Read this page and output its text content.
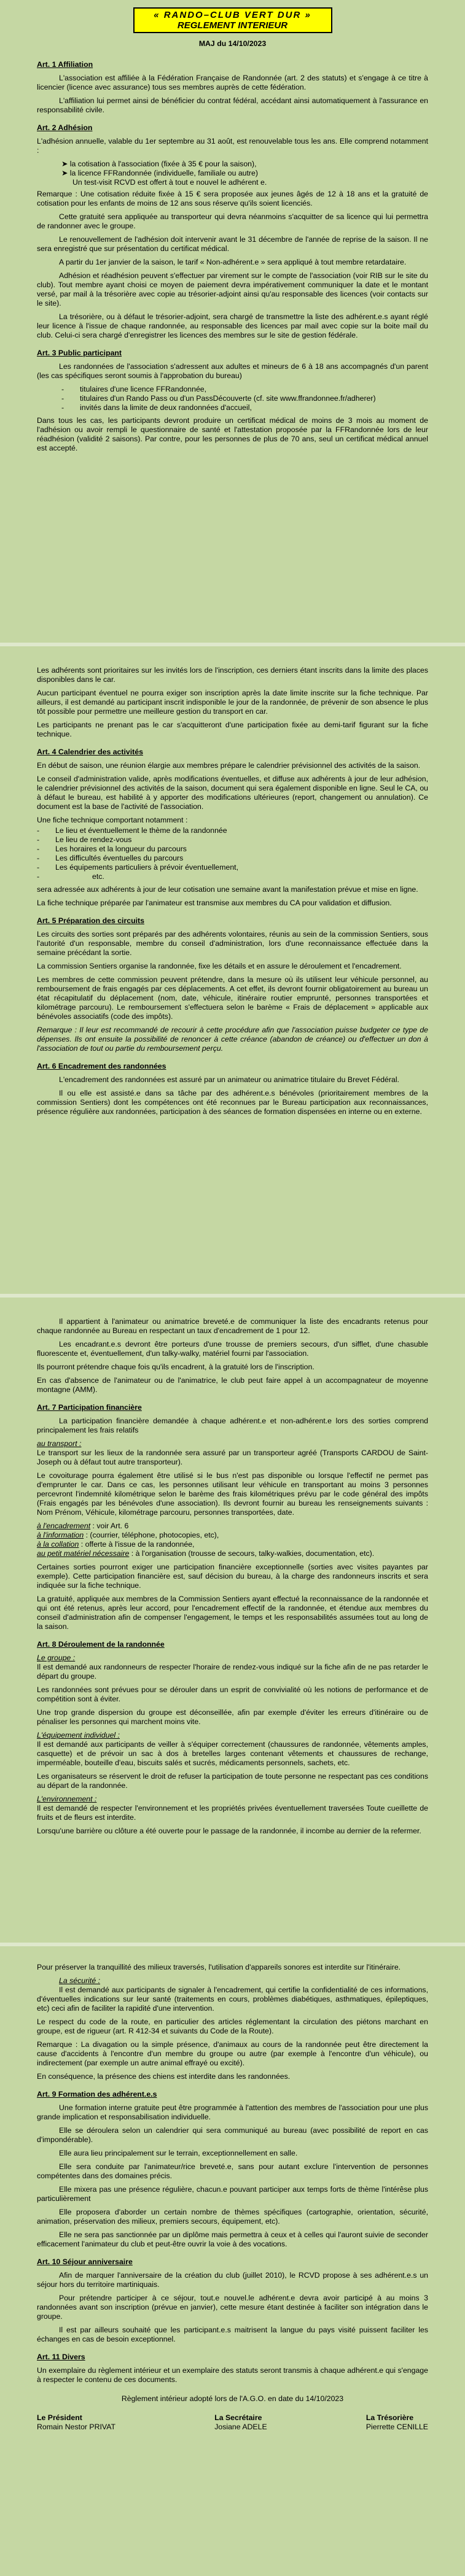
« RANDO–CLUB VERT DUR »
REGLEMENT INTERIEUR
MAJ du 14/10/2023
Art. 1 Affiliation

L'association est affiliée à la Fédération Française de Randonnée (art. 2 des statuts) et s'engage à ce titre à licencier (licence avec assurance) tous ses membres auprès de cette fédération.

L'affiliation lui permet ainsi de bénéficier du contrat fédéral, accédant ainsi automatiquement à l'assurance en responsabilité civile.

Art. 2 Adhésion

L'adhésion annuelle, valable du 1er septembre au 31 août, est renouvelable tous les ans. Elle comprend notamment :

➤ la cotisation à l'association (fixée à 35 € pour la saison),
➤ la licence FFRandonnée (individuelle, familiale ou autre)
Un test-visit RCVD est offert à tout e nouvel le adhérent e.

Remarque : Une cotisation réduite fixée à 15 € sera proposée aux jeunes âgés de 12 à 18 ans et la gratuité de cotisation pour les enfants de moins de 12 ans sous réserve qu'ils soient licenciés.

Cette gratuité sera appliquée au transporteur qui devra néanmoins s'acquitter de sa licence qui lui permettra de randonner avec le groupe.

Le renouvellement de l'adhésion doit intervenir avant le 31 décembre de l'année de reprise de la saison. Il ne sera enregistré que sur présentation du certificat médical.

A partir du 1er janvier de la saison, le tarif « Non-adhérent.e » sera appliqué à tout membre retardataire.

Adhésion et réadhésion peuvent s'effectuer par virement sur le compte de l'association (voir RIB sur le site du club). Tout membre ayant choisi ce moyen de paiement devra impérativement communiquer la date et le montant versé, par mail à la trésorière avec copie au trésorier-adjoint ainsi qu'au responsable des licences (voir contacts sur le site).

La trésorière, ou à défaut le trésorier-adjoint, sera chargé de transmettre la liste des adhérent.e.s ayant réglé leur licence à l'issue de chaque randonnée, au responsable des licences par mail avec copie sur la boite mail du club. Celui-ci sera chargé d'enregistrer les licences des membres sur le site de gestion fédérale.

Art. 3 Public participant

Les randonnées de l'association s'adressent aux adultes et mineurs de 6 à 18 ans accompagnés d'un parent (les cas spécifiques seront soumis à l'approbation du bureau)

- titulaires d'une licence FFRandonnée,
- titulaires d'un Rando Pass ou d'un PassDécouverte (cf. site www.ffrandonnee.fr/adherer)
- invités dans la limite de deux randonnées d'accueil,

Dans tous les cas, les participants devront produire un certificat médical de moins de 3 mois au moment de l'adhésion ou avoir rempli le questionnaire de santé et l'attestation proposée par la FFRandonnée lors de leur réadhésion (validité 2 saisons). Par contre, pour les personnes de plus de 70 ans, seul un certificat médical annuel est accepté.

Les adhérents sont prioritaires sur les invités lors de l'inscription, ces derniers étant inscrits dans la limite des places disponibles dans le car.

Aucun participant éventuel ne pourra exiger son inscription après la date limite inscrite sur la fiche technique. Par ailleurs, il est demandé au participant inscrit indisponible le jour de la randonnée, de prévenir de son absence le plus tôt possible pour permettre une meilleure gestion du transport en car.

Les participants ne prenant pas le car s'acquitteront d'une participation fixée au demi-tarif figurant sur la fiche technique.

Art. 4 Calendrier des activités

En début de saison, une réunion élargie aux membres prépare le calendrier prévisionnel des activités de la saison.

Le conseil d'administration valide, après modifications éventuelles, et diffuse aux adhérents à jour de leur adhésion, le calendrier prévisionnel des activités de la saison, document qui sera également disponible en ligne. Seul le CA, ou à défaut le bureau, est habilité à y apporter des modifications ultérieures (report, changement ou annulation). Ce document est la base de l'activité de l'association.

Une fiche technique comportant notamment :

- Le lieu et éventuellement le thème de la randonnée
- Le lieu de rendez-vous
- Les horaires et la longueur du parcours
- Les difficultés éventuelles du parcours
- Les équipements particuliers à prévoir éventuellement,
- etc.

sera adressée aux adhérents à jour de leur cotisation une semaine avant la manifestation prévue et mise en ligne.

La fiche technique préparée par l'animateur est transmise aux membres du CA pour validation et diffusion.

Art. 5 Préparation des circuits

Les circuits des sorties sont préparés par des adhérents volontaires, réunis au sein de la commission Sentiers, sous l'autorité d'un responsable, membre du conseil d'administration, lors d'une reconnaissance effectuée dans la semaine précédant la sortie.

La commission Sentiers organise la randonnée, fixe les détails et en assure le déroulement et l'encadrement.

Les membres de cette commission peuvent prétendre, dans la mesure où ils utilisent leur véhicule personnel, au remboursement de frais engagés par ces déplacements. A cet effet, ils devront fournir obligatoirement au bureau un état récapitulatif du déplacement (nom, date, véhicule, itinéraire routier emprunté, personnes transportées et kilométrage parcouru). Le remboursement s'effectuera selon le barème « Frais de déplacement » applicable aux bénévoles associatifs (code des impôts).

Remarque : Il leur est recommandé de recourir à cette procédure afin que l'association puisse budgeter ce type de dépenses. Ils ont ensuite la possibilité de renoncer à cette créance (abandon de créance) ou d'effectuer un don à l'association de tout ou partie du remboursement perçu.

Art. 6 Encadrement des randonnées

L'encadrement des randonnées est assuré par un animateur ou animatrice titulaire du Brevet Fédéral.

Il ou elle est assisté.e dans sa tâche par des adhérent.e.s bénévoles (prioritairement membres de la commission Sentiers) dont les compétences ont été reconnues par le Bureau participation aux reconnaissances, présence régulière aux randonnées, participation à des séances de formation dispensées en interne ou en externe.

Il appartient à l'animateur ou animatrice breveté.e de communiquer la liste des encadrants retenus pour chaque randonnée au Bureau en respectant un taux d'encadrement de 1 pour 12.

Les encadrant.e.s devront être porteurs d'une trousse de premiers secours, d'un sifflet, d'une chasuble fluorescente et, éventuellement, d'un talky-walky, matériel fourni par l'association.

Ils pourront prétendre chaque fois qu'ils encadrent, à la gratuité lors de l'inscription.

En cas d'absence de l'animateur ou de l'animatrice, le club peut faire appel à un accompagnateur de moyenne montagne (AMM).

Art. 7 Participation financière

La participation financière demandée à chaque adhérent.e et non-adhérent.e lors des sorties comprend principalement les frais relatifs

au transport :

Le transport sur les lieux de la randonnée sera assuré par un transporteur agréé (Transports CARDOU de Saint-Joseph ou à défaut tout autre transporteur).

Le covoiturage pourra également être utilisé si le bus n'est pas disponible ou lorsque l'effectif ne permet pas d'emprunter le car. Dans ce cas, les personnes utilisant leur véhicule en transportant au moins 3 personnes percevront l'indemnité kilométrique selon le barème des frais kilométriques prévu par le code général des impôts (Frais engagés par les bénévoles d'une association). Ils devront fournir au bureau les renseignements suivants : Nom Prénom, Véhicule, kilométrage parcouru, personnes transportées, date.

à l'encadrement : voir Art. 6

à l'information : (courrier, téléphone, photocopies, etc),

à la collation : offerte à l'issue de la randonnée,

au petit matériel nécessaire : à l'organisation (trousse de secours, talky-walkies, documentation, etc).

Certaines sorties pourront exiger une participation financière exceptionnelle (sorties avec visites payantes par exemple). Cette participation financière est, sauf décision du bureau, à la charge des randonneurs inscrits et sera indiquée sur la fiche technique.

La gratuité, appliquée aux membres de la Commission Sentiers ayant effectué la reconnaissance de la randonnée et qui ont été retenus, après leur accord, pour l'encadrement effectif de la randonnée, et étendue aux membres du conseil d'administration afin de compenser l'engagement, le temps et les responsabilités assumées tout au long de la saison.

Art. 8 Déroulement de la randonnée

Le groupe :

Il est demandé aux randonneurs de respecter l'horaire de rendez-vous indiqué sur la fiche afin de ne pas retarder le départ du groupe.

Les randonnées sont prévues pour se dérouler dans un esprit de convivialité où les notions de performance et de compétition sont à éviter.

Une trop grande dispersion du groupe est déconseillée, afin par exemple d'éviter les erreurs d'itinéraire ou de pénaliser les personnes qui marchent moins vite.

L'équipement individuel :

Il est demandé aux participants de veiller à s'équiper correctement (chaussures de randonnée, vêtements amples, casquette) et de prévoir un sac à dos à bretelles larges contenant vêtements et chaussures de rechange, imperméable, bouteille d'eau, biscuits salés et sucrés, médicaments personnels, sachets, etc.

Les organisateurs se réservent le droit de refuser la participation de toute personne ne respectant pas ces conditions au départ de la randonnée.

L'environnement :

Il est demandé de respecter l'environnement et les propriétés privées éventuellement traversées Toute cueillette de fruits et de fleurs est interdite.

Lorsqu'une barrière ou clôture a été ouverte pour le passage de la randonnée, il incombe au dernier de la refermer.

Pour préserver la tranquillité des milieux traversés, l'utilisation d'appareils sonores est interdite sur l'itinéraire.

La sécurité :

Il est demandé aux participants de signaler à l'encadrement, qui certifie la confidentialité de ces informations, d'éventuelles indications sur leur santé (traitements en cours, problèmes diabétiques, asthmatiques, épileptiques, etc) ceci afin de faciliter la rapidité d'une intervention.

Le respect du code de la route, en particulier des articles réglementant la circulation des piétons marchant en groupe, est de rigueur (art. R 412-34 et suivants du Code de la Route).

Remarque : La divagation ou la simple présence, d'animaux au cours de la randonnée peut être directement la cause d'accidents à l'encontre d'un membre du groupe ou autre (par exemple à l'encontre d'un véhicule), ou indirectement (par exemple un autre animal effrayé ou excité).

En conséquence, la présence des chiens est interdite dans les randonnées.

Art. 9 Formation des adhérent.e.s

Une formation interne gratuite peut être programmée à l'attention des membres de l'association pour une plus grande implication et responsabilisation individuelle.

Elle se déroulera selon un calendrier qui sera communiqué au bureau (avec possibilité de report en cas d'impondérable).

Elle aura lieu principalement sur le terrain, exceptionnellement en salle.

Elle sera conduite par l'animateur/rice breveté.e, sans pour autant exclure l'intervention de personnes compétentes dans des domaines précis.

Elle mixera pas une présence régulière, chacun.e pouvant participer aux temps forts de thème l'intérêse plus particulièrement

Elle proposera d'aborder un certain nombre de thèmes spécifiques (cartographie, orientation, sécurité, animation, préservation des milieux, premiers secours, équipement, etc).

Elle ne sera pas sanctionnée par un diplôme mais permettra à ceux et à celles qui l'auront suivie de seconder efficacement l'animateur du club et peut-être ouvrir la voie à des vocations.

Art. 10 Séjour anniversaire

Afin de marquer l'anniversaire de la création du club (juillet 2010), le RCVD propose à ses adhérent.e.s un séjour hors du territoire martiniquais.

Pour prétendre participer à ce séjour, tout.e nouvel.le adhérent.e devra avoir participé à au moins 3 randonnées avant son inscription (prévue en janvier), cette mesure étant destinée à faciliter son intégration dans le groupe.

Il est par ailleurs souhaité que les participant.e.s maitrisent la langue du pays visité puissent faciliter les échanges en cas de besoin exceptionnel.

Art. 11 Divers

Un exemplaire du règlement intérieur et un exemplaire des statuts seront transmis à chaque adhérent.e qui s'engage à respecter le contenu de ces documents.

Règlement intérieur adopté lors de l'A.G.O. en date du 14/10/2023

Le Président
Romain Nestor PRIVAT
La Secrétaire
Josiane ADELE
La Trésorière
Pierrette CENILLE
